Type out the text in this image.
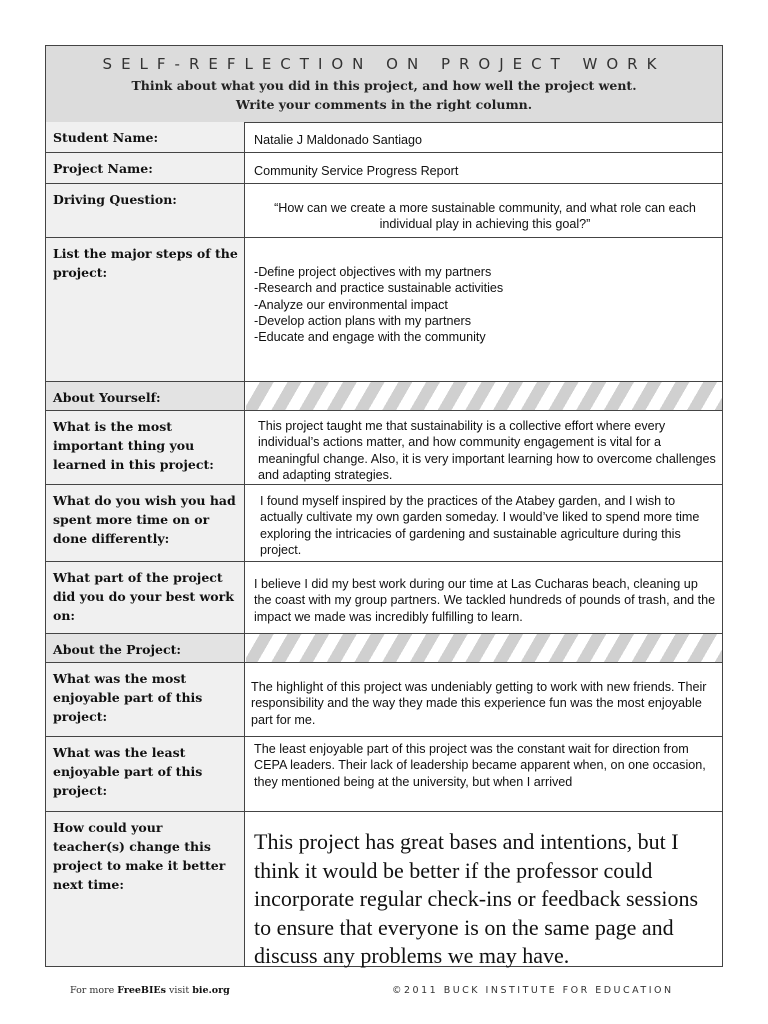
SELF-REFLECTION ON PROJECT WORK
Think about what you did in this project, and how well the project went.
Write your comments in the right column.
Student Name:	Natalie J Maldonado Santiago
Project Name:	Community Service Progress Report
Driving Question:
“How can we create a more sustainable community, and what role can each individual play in achieving this goal?”
List the major steps of the project:	-Define project objectives with my partners
-Research and practice sustainable activities
-Analyze our environmental impact
-Develop action plans with my partners
-Educate and engage with the community
About Yourself:
What is the most important thing you learned in this project:
This project taught me that sustainability is a collective effort where every individual’s actions matter, and how community engagement is vital for a meaningful change. Also, it is very important learning how to overcome challenges and adapting strategies.
What do you wish you had spent more time on or done differently:
I found myself inspired by the practices of the Atabey garden, and I wish to actually cultivate my own garden someday. I would’ve liked to spend more time exploring the intricacies of gardening and sustainable agriculture during this project.
What part of the project did you do your best work on:
I believe I did my best work during our time at Las Cucharas beach, cleaning up the coast with my group partners. We tackled hundreds of pounds of trash, and the impact we made was incredibly fulfilling to learn.
About the Project:
What was the most enjoyable part of this project:
The highlight of this project was undeniably getting to work with new friends. Their responsibility and the way they made this experience fun was the most enjoyable part for me.
What was the least enjoyable part of this project:
The least enjoyable part of this project was the constant wait for direction from CEPA leaders. Their lack of leadership became apparent when, on one occasion, they mentioned being at the university, but when I arrived
How could your teacher(s) change this project to make it better next time:
This project has great bases and intentions, but I think it would be better if the professor could incorporate regular check-ins or feedback sessions to ensure that everyone is on the same page and discuss any problems we may have.
For more FreeBIEs visit bie.org	©2011 BUCK INSTITUTE FOR EDUCATION
